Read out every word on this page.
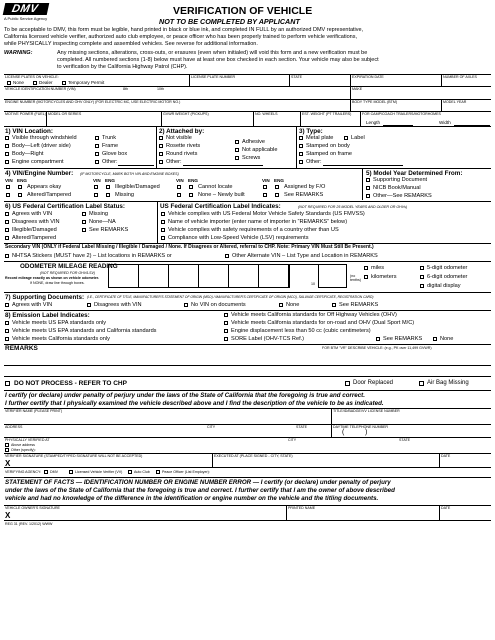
DMV
A Public Service Agency
VERIFICATION OF VEHICLE
NOT TO BE COMPLETED BY APPLICANT
To be acceptable to DMV, this form must be legible, hand printed in black or blue ink, and completed IN FULL by an authorized DMV representative,
California licensed vehicle verifier, authorized auto club employee, or peace officer who has been properly trained to perform vehicle verifications,
while PHYSICALLY inspecting complete and assembled vehicles. See reverse for additional information.
WARNING:	Any missing sections, alterations, cross-outs, or erasures (even when initialed) will void this form and a new verification must be
completed. All numbered sections (1-8) below must have at least one box checked in each section. Your vehicle may also be subject
to verification by the California Highway Patrol (CHP).
LICENSE PLATES ON VEHICLE:	LICENSE PLATE NUMBER	STATE	EXPIRATION DATE	NUMBER OF AXLES
None	Dealer	Temporary Permit
VEHICLE IDENTIFICATION NUMBER (VIN)	8th	10th	MAKE
ENGINE NUMBER (MOTORCYCLES AND OHV ONLY) (FOR ELECTRIC MC, USE ELECTRIC MOTOR NO.)	BODY TYPE MODEL (BTM)	MODEL YEAR
MOTIVE POWER (FUEL) MODEL OR SERIES	GVWR WEIGHT (PICKUPS)	NO. WHEELS	EST. WEIGHT (PT TRAILERS)	FOR CAMP/COACH TRAILERS/MOTORHOMES
Length	Width
1) VIN Location:
Visible through windshield
Body—Left (driver side)
Body—Right
Engine compartment
Trunk
Frame
Glove box
Other:
2) Attached by:
Not visible
Rosette rivets
Round rivets
Other:
Adhesive
Not applicable
Screws
3) Type:
Metal plate	Label
Stamped on body
Stamped on frame
Other:
4) VIN/Engine Number: (IF MOTORCYCLE, MARK BOTH VIN AND ENGINE BOXES)
VIN ENG
Appears okay
Altered/Tampered
VIN ENG
Illegible/Damaged
Missing
VIN ENG
Cannot locate
None – Newly built
VIN ENG
Assigned by F/O
See REMARKS
5) Model Year Determined From:
Supporting Document
NICB Book/Manual
Other—See REMARKS
6) US Federal Certification Label Status:
Agrees with VIN
Disagrees with VIN
Illegible/Damaged
Altered/Tampered
Missing
None—NA
See REMARKS
US Federal Certification Label Indicates:	(NOT REQUIRED FOR 25 MODEL YEARS AND OLDER OR OHVs)
Vehicle complies with US Federal Motor Vehicle Safety Standards (US FMVSS)
Name of vehicle importer (enter name of importer in “REMARKS” below)
Vehicle complies with safety requirements of a country other than US
Compliance with Low-Speed Vehicle (LSV) requirements
Secondary VIN (ONLY if Federal Label Missing / Illegible / Damaged / None. If Disagrees or Altered, referral to CHP. Note: Primary VIN Must Still Be Present.)
NHTSA Stickers (MUST have 2) – List locations in REMARKS or	Other Alternate VIN – List Type and Location in REMARKS
ODOMETER MILEAGE READING
(NOT REQUIRED FOR OHV/LSV)
Record mileage exactly as shown on vehicle odometer.
If NONE, draw line through boxes.	10
(no tenths)
miles
kilometers
5-digit odometer
6-digit odometer
digital display
7) Supporting Documents: (I.E., CERTIFICATE OF TITLE, MANUFACTURER'S STATEMENT OF ORIGIN (MSO) / MANUFACTURER'S CERTIFICATE OF ORIGIN (MCO), SALVAGE CERTIFICATE, REGISTRATION CARD)
Agrees with VIN	Disagrees with VIN	No VIN on documents	None	See REMARKS
8) Emission Label Indicates:
Vehicle meets US EPA standards only
Vehicle meets US EPA standards and California standards
Vehicle meets California standards only
Vehicle meets California standards for Off Highway Vehicles (OHV)
Vehicle meets California standards for on-road and OHV (Dual Sport M/C)
Engine displacement less than 50 cc (cubic centimeters)
SORE Label (OHV-TCS Ref.)	See REMARKS	None
REMARKS	FOR BTM "VR" DESCRIBE VEHICLE: (e.g., PK over 11,499 GVWR)
DO NOT PROCESS - REFER TO CHP	Door Replaced	Air Bag Missing
I certify (or declare) under penalty of perjury under the laws of the State of California that the foregoing is true and correct.
I further certify that I physically examined the vehicle described above and I find the description of the vehicle to be as indicated.
VERIFIER NAME (PLEASE PRINT)	TITLE/ID/BADGE/VV LICENSE NUMBER
ADDRESS	CITY	STATE	DAYTIME TELEPHONE NUMBER
(	)
PHYSICALLY VERIFIED AT
Above address
Other (specify):
CITY	STATE
VERIFIER SIGNATURE (STAMPED/TYPED SIGNATURE WILL NOT BE ACCEPTED)	EXECUTED AT (PLACE SIGNED - CITY, STATE)	DATE
X
VERIFYING AGENCY: DMV	Licensed Vehicle Verifier (VV)	Auto Club	Peace Officer (List Employer):
STATEMENT OF FACTS — IDENTIFICATION NUMBER OR ENGINE NUMBER ERROR — I certify (or declare) under penalty of perjury
under the laws of the State of California that the foregoing is true and correct. I further certify that I am the owner of above described
vehicle and had no knowledge of the difference in the identification or engine number on the vehicle and the titling documents.
VEHICLE OWNER'S SIGNATURE	PRINTED NAME	DATE
X
REG 31 (REV. 1/2012) WWW
